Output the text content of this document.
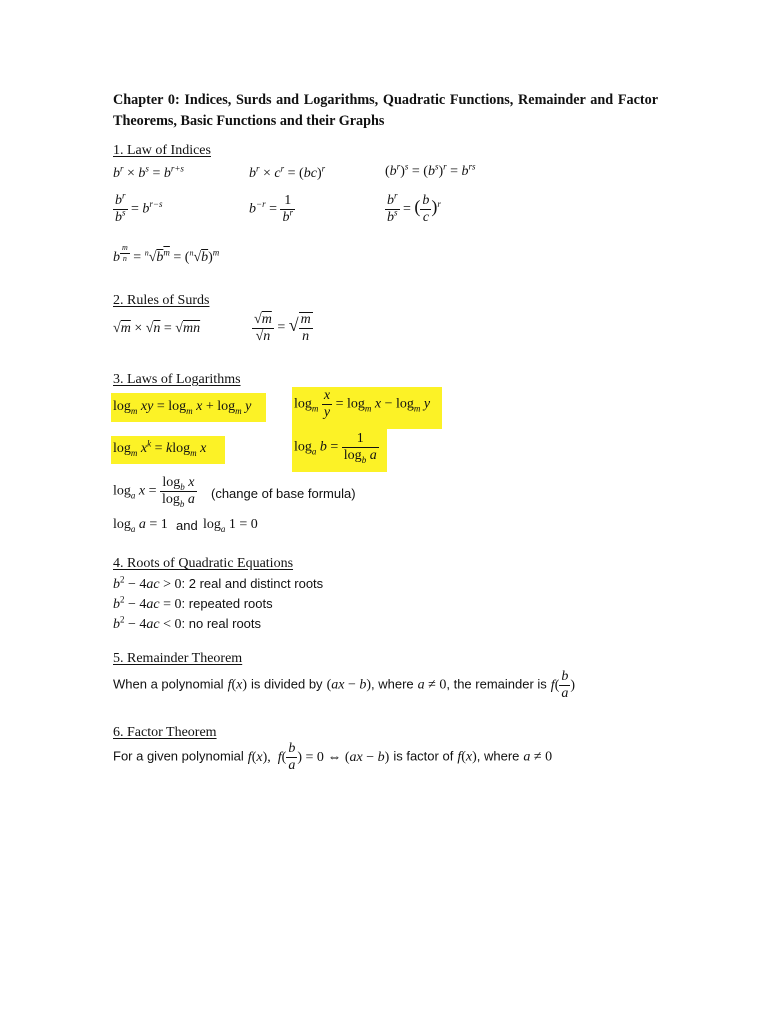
Chapter 0: Indices, Surds and Logarithms, Quadratic Functions, Remainder and Factor Theorems, Basic Functions and their Graphs
1. Law of Indices
$b^r \times b^s = b^{r+s}$	$b^r \times c^r = (bc)^r$	$(b^r)^s = (b^s)^r = b^{rs}$
$\frac{b^r}{b^s} = b^{r-s}$	$b^{-r} = \frac{1}{b^r}$	$\frac{b^r}{b^s}$ = ( $\frac{b}{c} )^r$
b $^{\frac{m}{n}} = ^n√b^m = (^n√b)^m$
2. Rules of Surds
√m × √n = √mn	$\frac{√m}{√n}$ = √ $\frac{m}{n}$
3. Laws of Logarithms
$\log_m$ xy = $\log_m x + \log_m y$	$\log_m \frac{x}{y} = \log_m x - \log_m y$
$\log_m x^k = klog_m$ x	$\log_a b = \frac{1}{\log_b a}$
$\log_a x = \frac{\log_b x}{\log_b a}$ (change of base formula)
$\log_a a = 1$ and $\log_a 1 = 0$
4. Roots of Quadratic Equations
$b^2 - 4ac > 0$: 2 real and distinct roots
$b^2 - 4ac = 0$: repeated roots
$b^2 - 4ac < 0$: no real roots
5. Remainder Theorem
When a polynomial f(x) is divided by (ax − b), where a ≠ 0, the remainder is $f( \frac{b}{a}$ )
6. Factor Theorem
For a given polynomial f(x),  $f( \frac{b}{a}$ ) = 0 ⇔ (ax − b) is factor of f(x), where a ≠ 0
